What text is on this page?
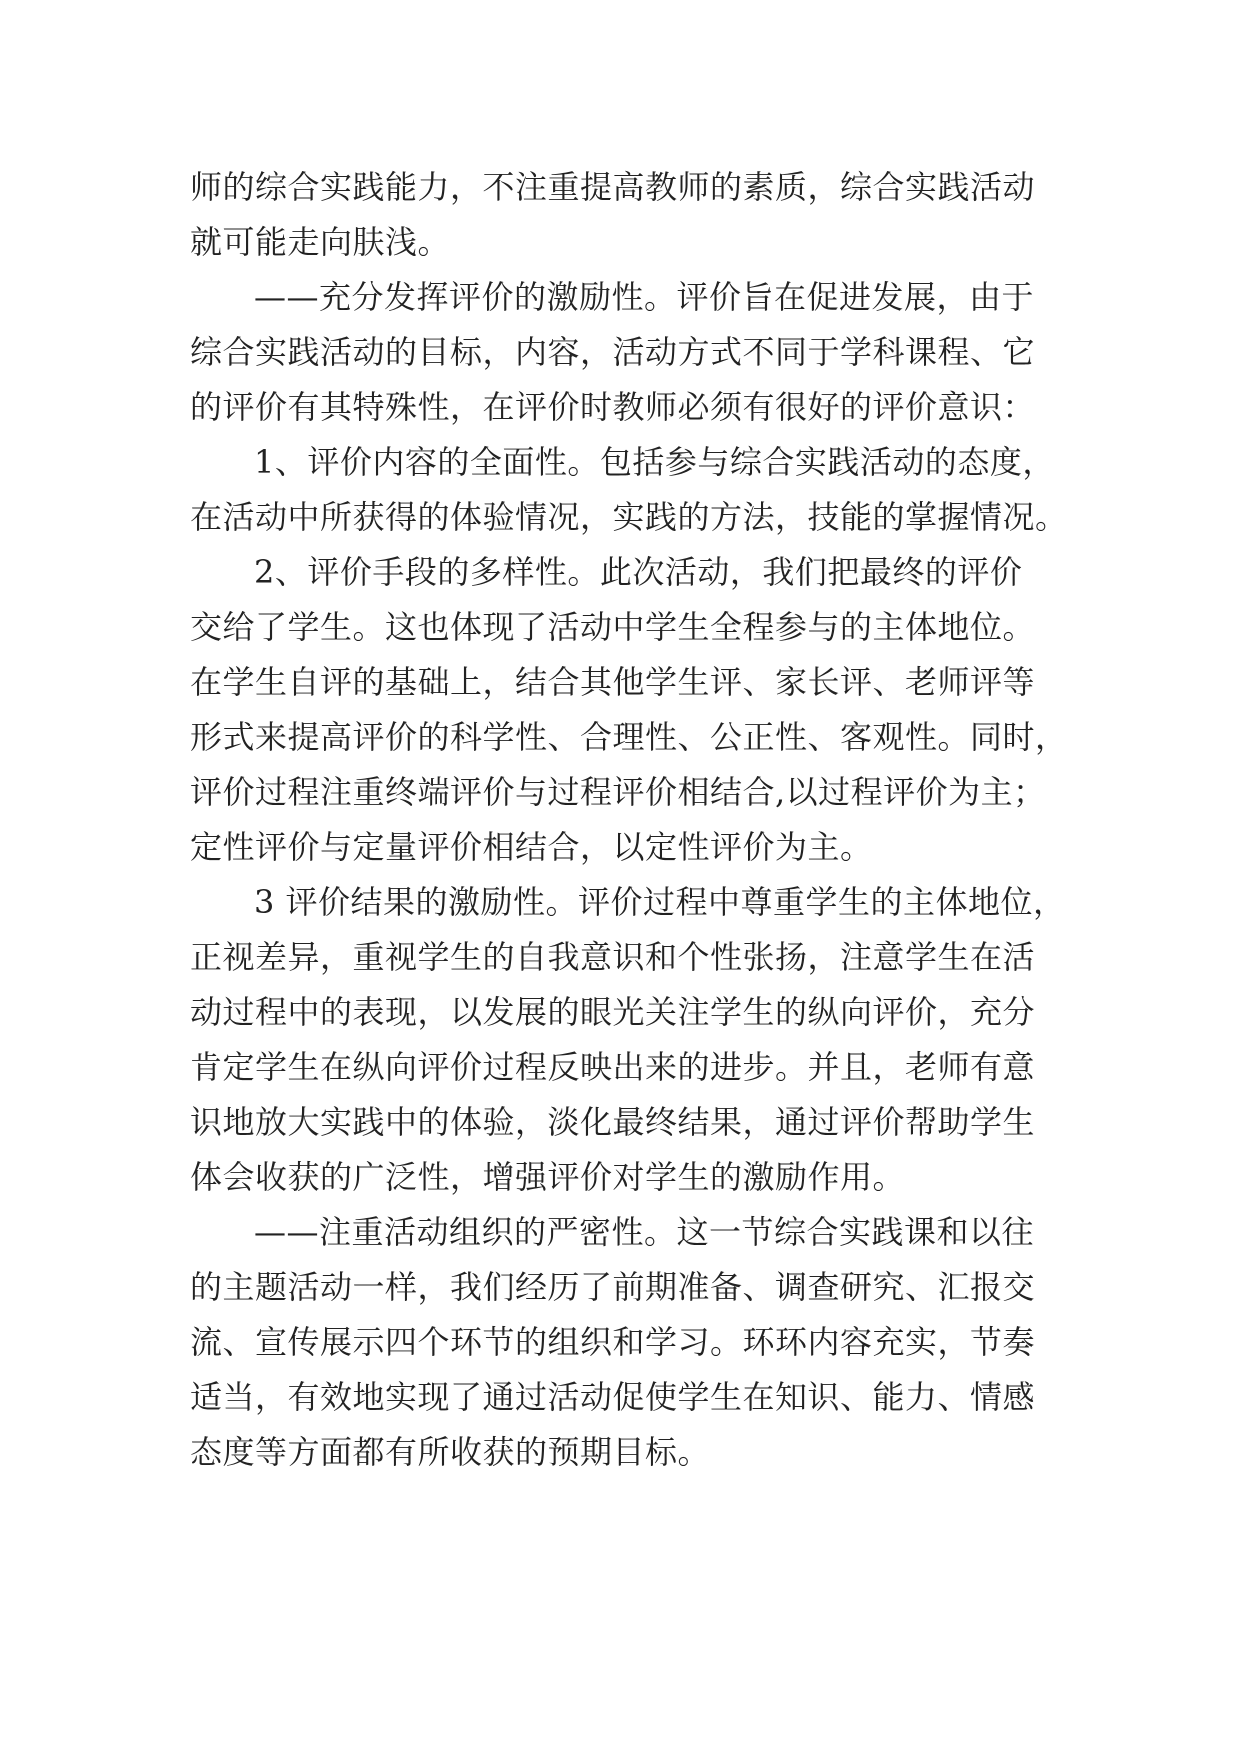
师的综合实践能力，不注重提高教师的素质，综合实践活动
就可能走向肤浅。
——充分发挥评价的激励性。评价旨在促进发展，由于
综合实践活动的目标，内容，活动方式不同于学科课程、它
的评价有其特殊性，在评价时教师必须有很好的评价意识：
1、评价内容的全面性。包括参与综合实践活动的态度，
在活动中所获得的体验情况，实践的方法，技能的掌握情况。
2、评价手段的多样性。此次活动，我们把最终的评价
交给了学生。这也体现了活动中学生全程参与的主体地位。
在学生自评的基础上，结合其他学生评、家长评、老师评等
形式来提高评价的科学性、合理性、公正性、客观性。同时，
评价过程注重终端评价与过程评价相结合,以过程评价为主；
定性评价与定量评价相结合，以定性评价为主。
3 评价结果的激励性。评价过程中尊重学生的主体地位，
正视差异，重视学生的自我意识和个性张扬，注意学生在活
动过程中的表现，以发展的眼光关注学生的纵向评价，充分
肯定学生在纵向评价过程反映出来的进步。并且，老师有意
识地放大实践中的体验，淡化最终结果，通过评价帮助学生
体会收获的广泛性，增强评价对学生的激励作用。
——注重活动组织的严密性。这一节综合实践课和以往
的主题活动一样，我们经历了前期准备、调查研究、汇报交
流、宣传展示四个环节的组织和学习。环环内容充实，节奏
适当，有效地实现了通过活动促使学生在知识、能力、情感
态度等方面都有所收获的预期目标。
